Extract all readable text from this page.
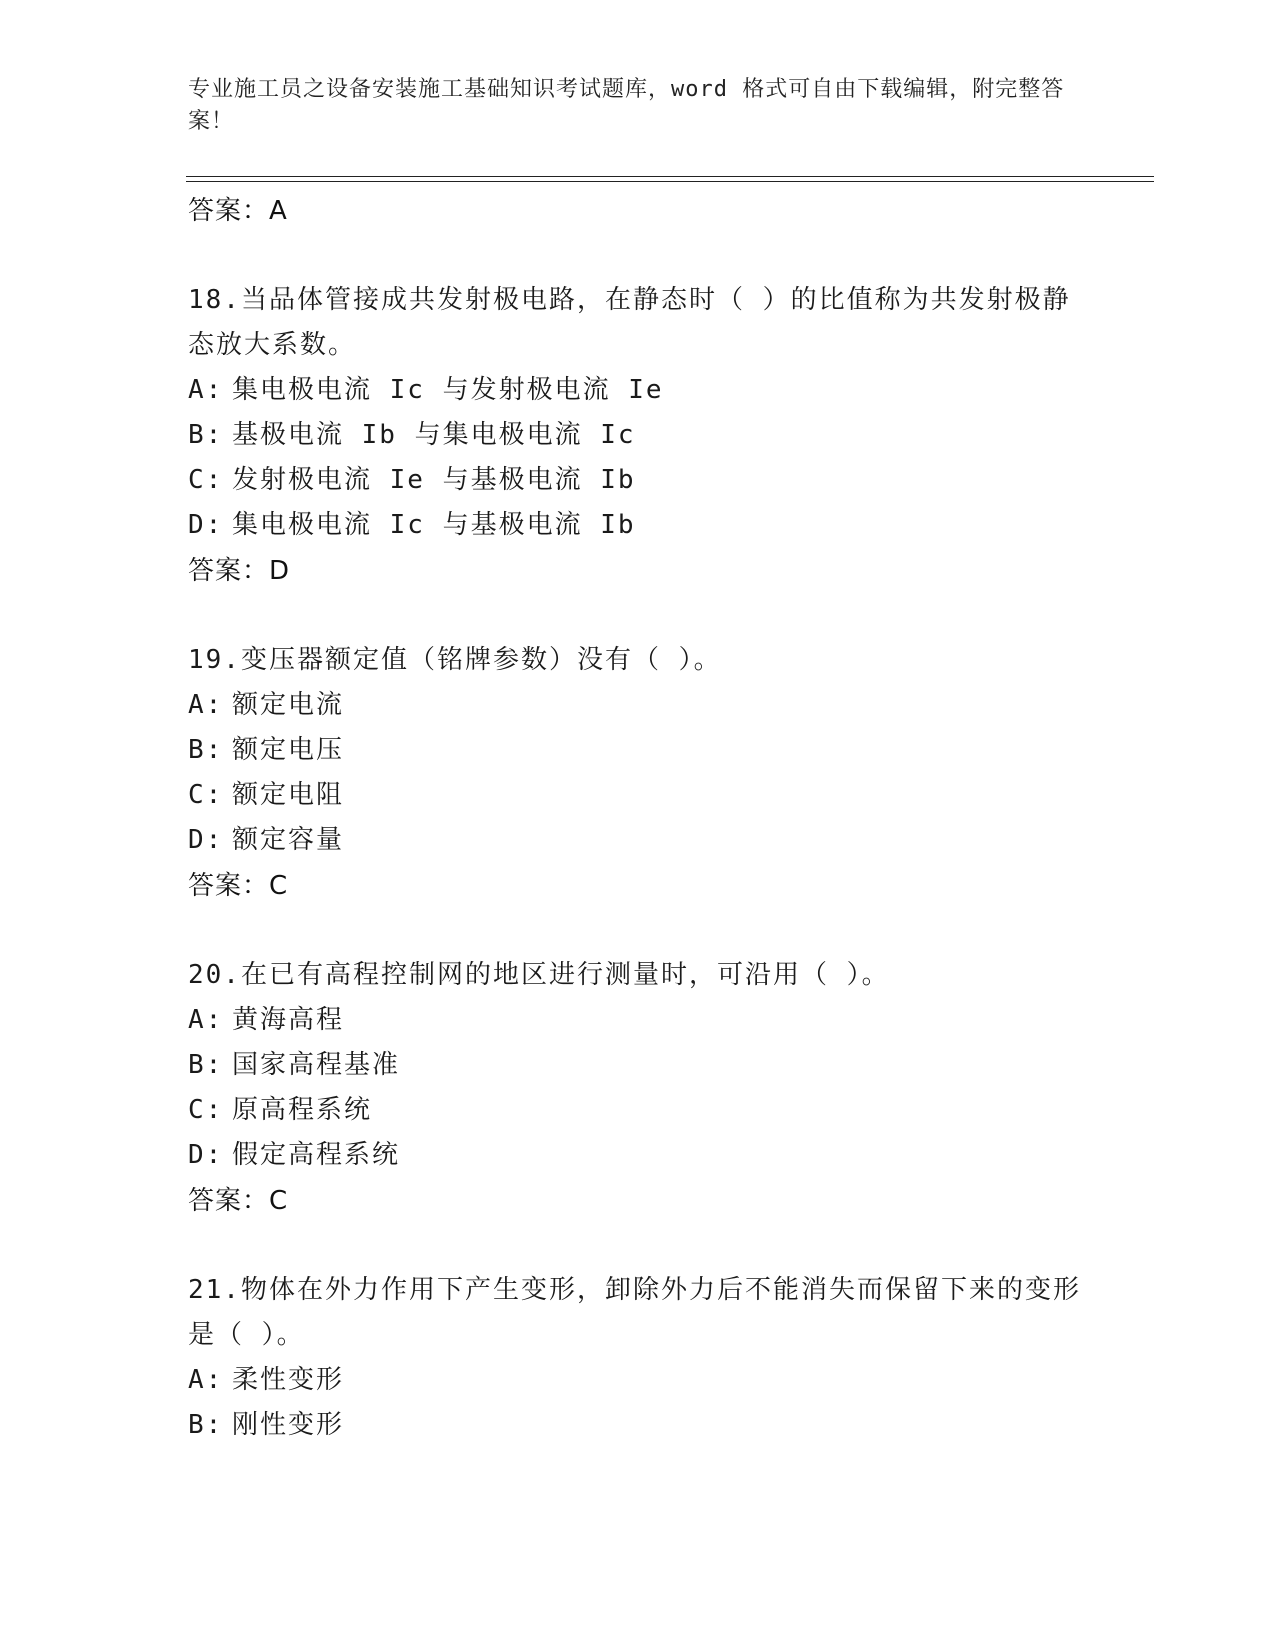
专业施工员之设备安装施工基础知识考试题库，word 格式可自由下载编辑，附完整答案！
答案：A
18.当品体管接成共发射极电路，在静态时（ ）的比值称为共发射极静态放大系数。
A: 集电极电流 Ic 与发射极电流 Ie
B: 基极电流 Ib 与集电极电流 Ic
C: 发射极电流 Ie 与基极电流 Ib
D: 集电极电流 Ic 与基极电流 Ib
答案：D
19.变压器额定值（铭牌参数）没有（ ）。
A: 额定电流
B: 额定电压
C: 额定电阻
D: 额定容量
答案：C
20.在已有高程控制网的地区进行测量时，可沿用（ ）。
A: 黄海高程
B: 国家高程基准
C: 原高程系统
D: 假定高程系统
答案：C
21.物体在外力作用下产生变形，卸除外力后不能消失而保留下来的变形是（ ）。
A: 柔性变形
B: 刚性变形
